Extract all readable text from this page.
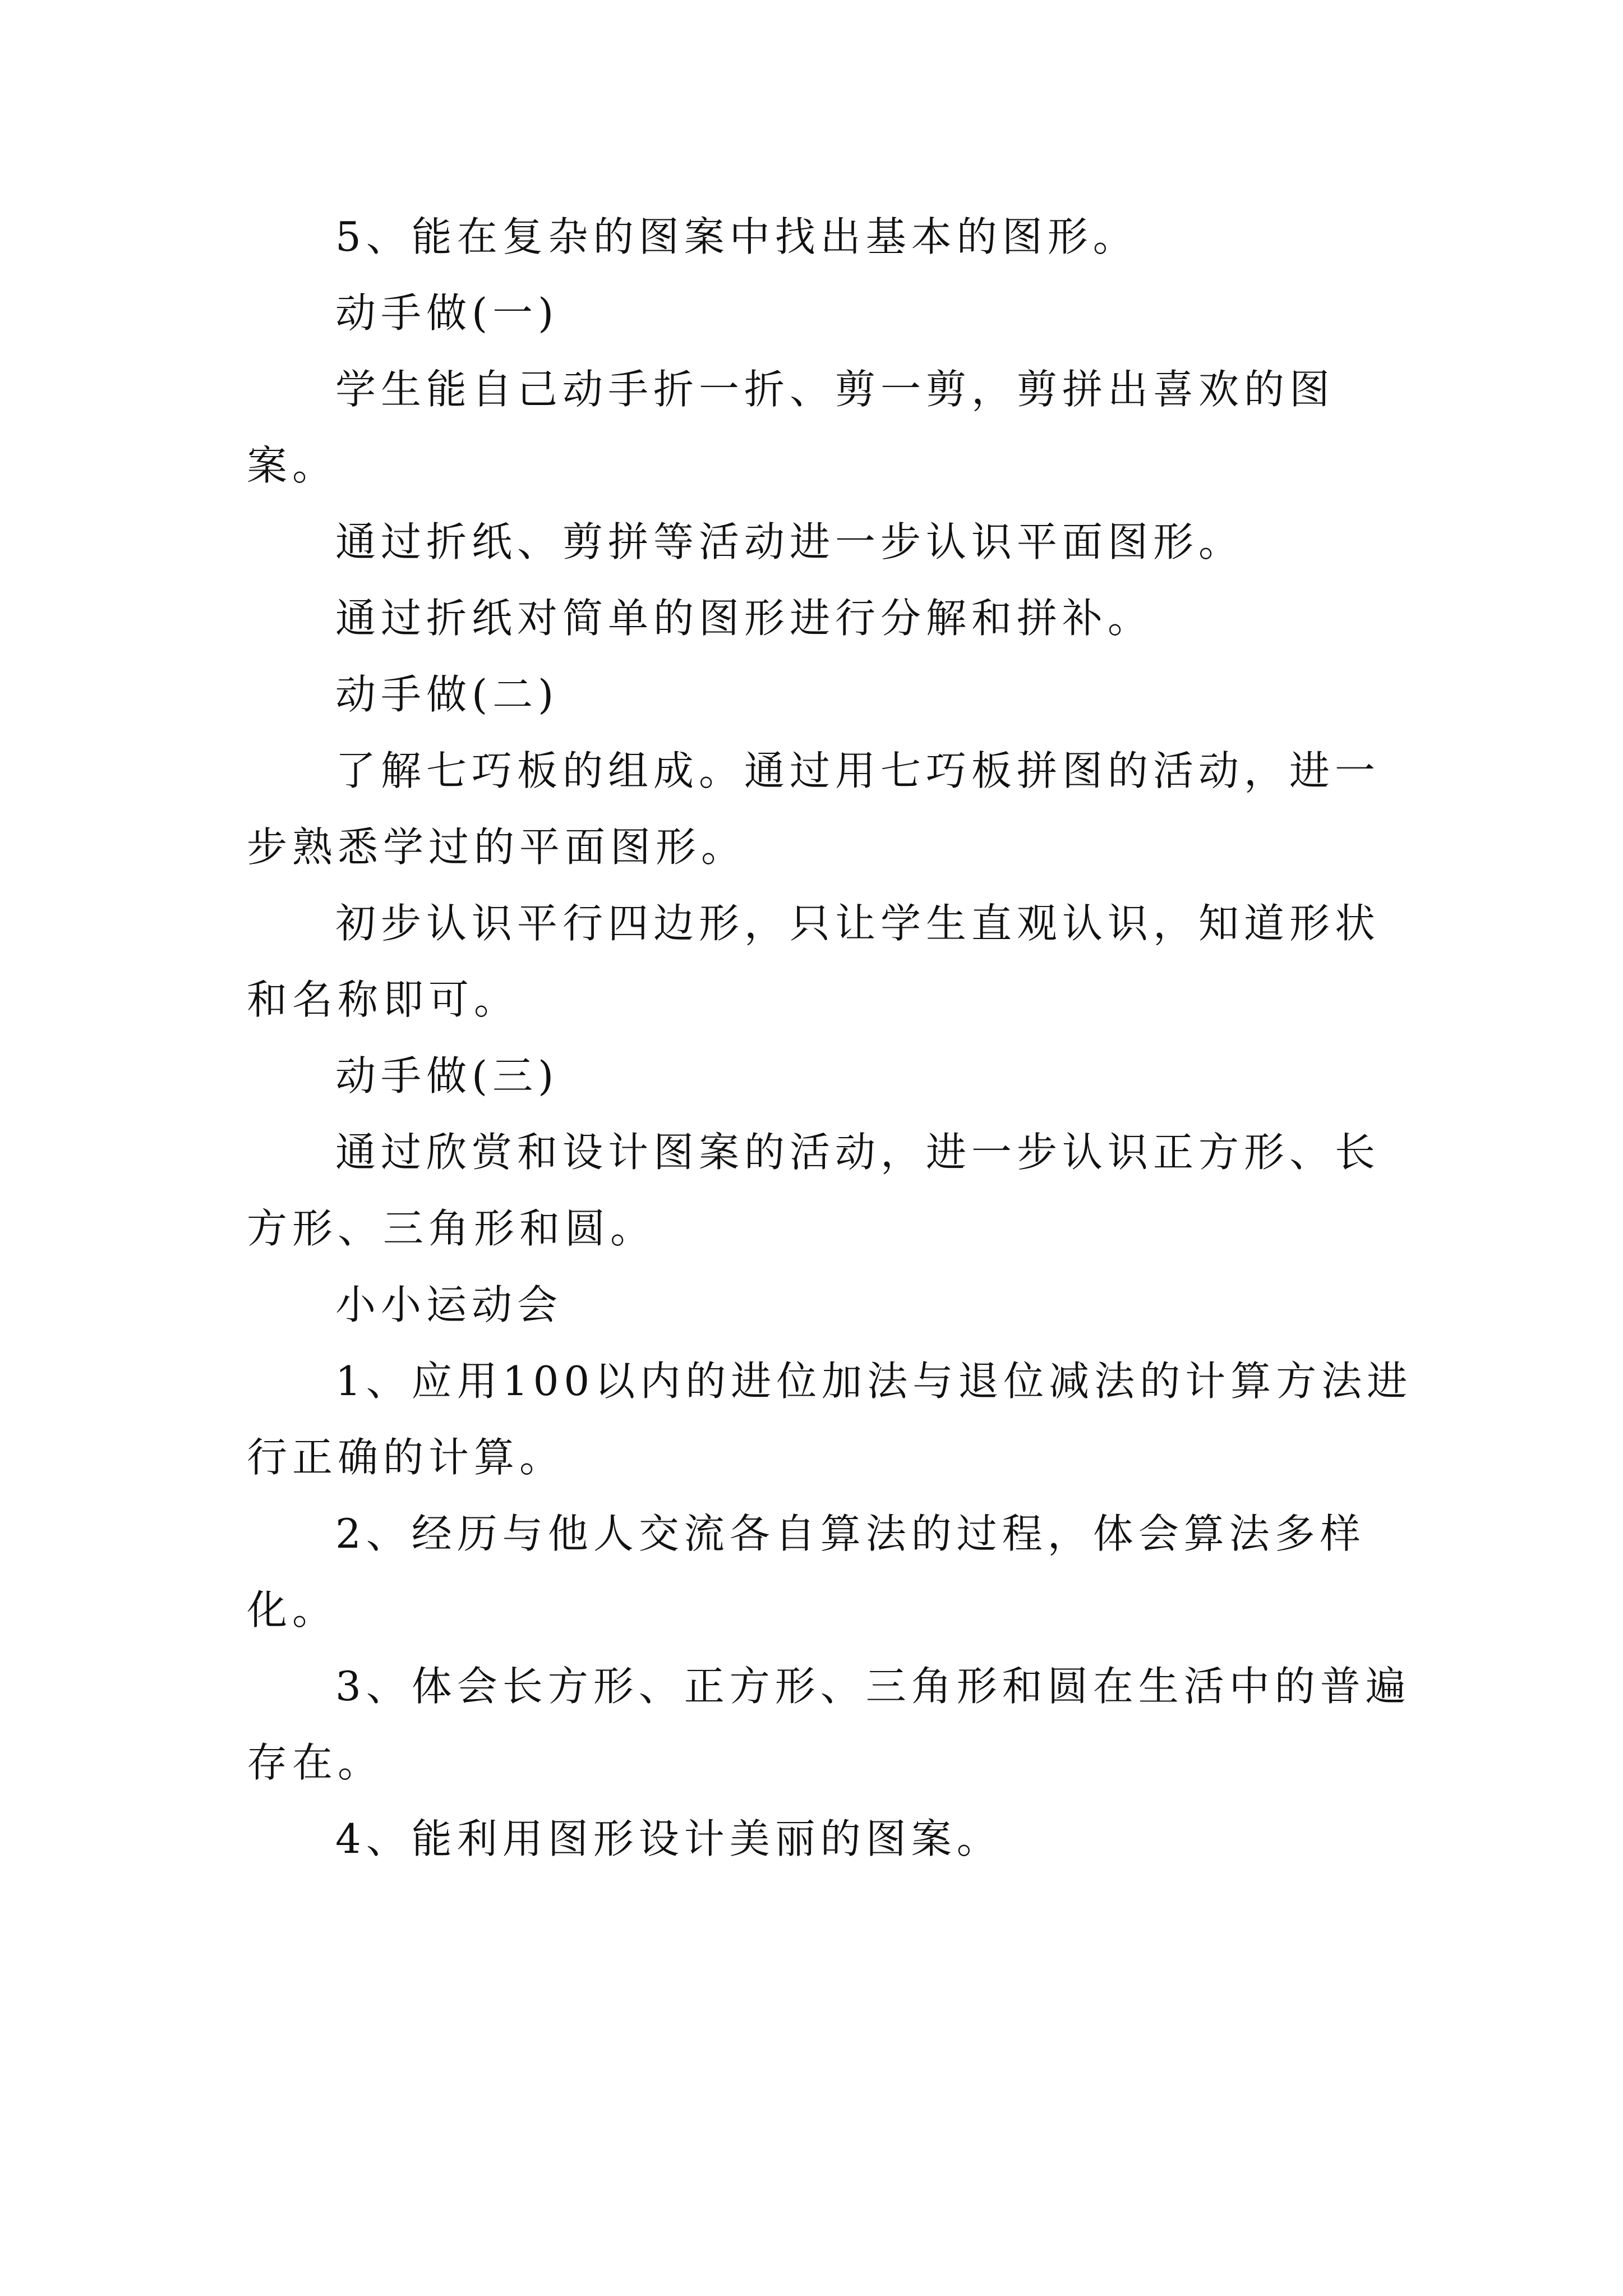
5、能在复杂的图案中找出基本的图形。

动手做(一)

学生能自己动手折一折、剪一剪，剪拼出喜欢的图案。

通过折纸、剪拼等活动进一步认识平面图形。

通过折纸对简单的图形进行分解和拼补。

动手做(二)

了解七巧板的组成。通过用七巧板拼图的活动，进一步熟悉学过的平面图形。

初步认识平行四边形，只让学生直观认识，知道形状和名称即可。

动手做(三)

通过欣赏和设计图案的活动，进一步认识正方形、长方形、三角形和圆。

小小运动会

1、应用100以内的进位加法与退位减法的计算方法进行正确的计算。

2、经历与他人交流各自算法的过程，体会算法多样化。

3、体会长方形、正方形、三角形和圆在生活中的普遍存在。

4、能利用图形设计美丽的图案。
